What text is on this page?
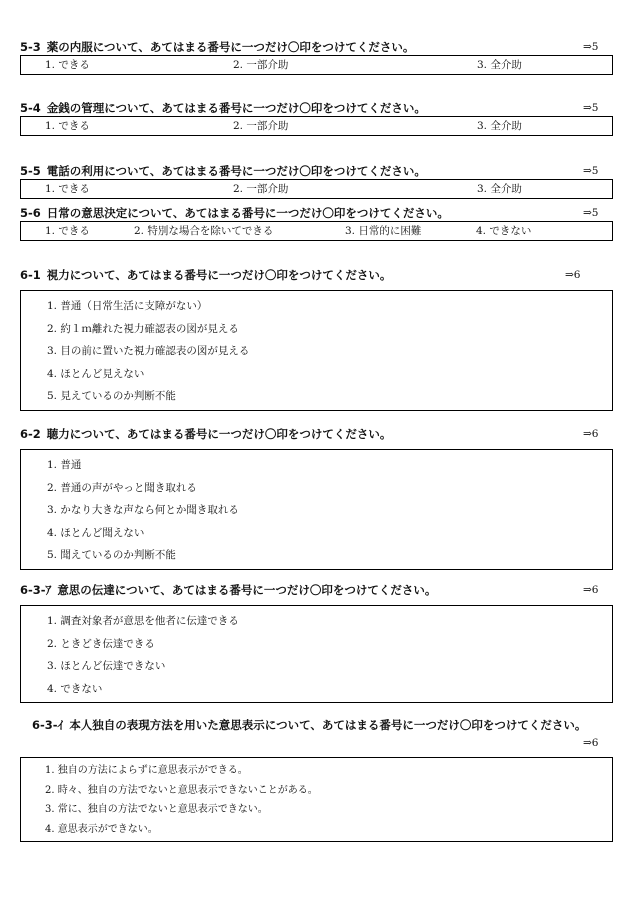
5-3 薬の内服について、あてはまる番号に一つだけ〇印をつけてください。	⇒5
1. できる	2. 一部介助	3. 全介助
5-4 金銭の管理について、あてはまる番号に一つだけ〇印をつけてください。	⇒5
1. できる	2. 一部介助	3. 全介助
5-5 電話の利用について、あてはまる番号に一つだけ〇印をつけてください。	⇒5
1. できる	2. 一部介助	3. 全介助
5-6 日常の意思決定について、あてはまる番号に一つだけ〇印をつけてください。	⇒5
1. できる	2. 特別な場合を除いてできる	3. 日常的に困難	4. できない
6-1 視力について、あてはまる番号に一つだけ〇印をつけてください。	⇒6
1. 普通（日常生活に支障がない）
2. 約１ｍ離れた視力確認表の図が見える
3. 目の前に置いた視力確認表の図が見える
4. ほとんど見えない
5. 見えているのか判断不能
6-2 聴力について、あてはまる番号に一つだけ〇印をつけてください。	⇒6
1. 普通
2. 普通の声がやっと聞き取れる
3. かなり大きな声なら何とか聞き取れる
4. ほとんど聞えない
5. 聞えているのか判断不能
6-3-ｱ 意思の伝達について、あてはまる番号に一つだけ〇印をつけてください。	⇒6
1. 調査対象者が意思を他者に伝達できる
2. ときどき伝達できる
3. ほとんど伝達できない
4. できない
6-3-ｲ 本人独自の表現方法を用いた意思表示について、あてはまる番号に一つだけ〇印をつけてください。
⇒6
1. 独自の方法によらずに意思表示ができる。
2. 時々、独自の方法でないと意思表示できないことがある。
3. 常に、独自の方法でないと意思表示できない。
4. 意思表示ができない。
